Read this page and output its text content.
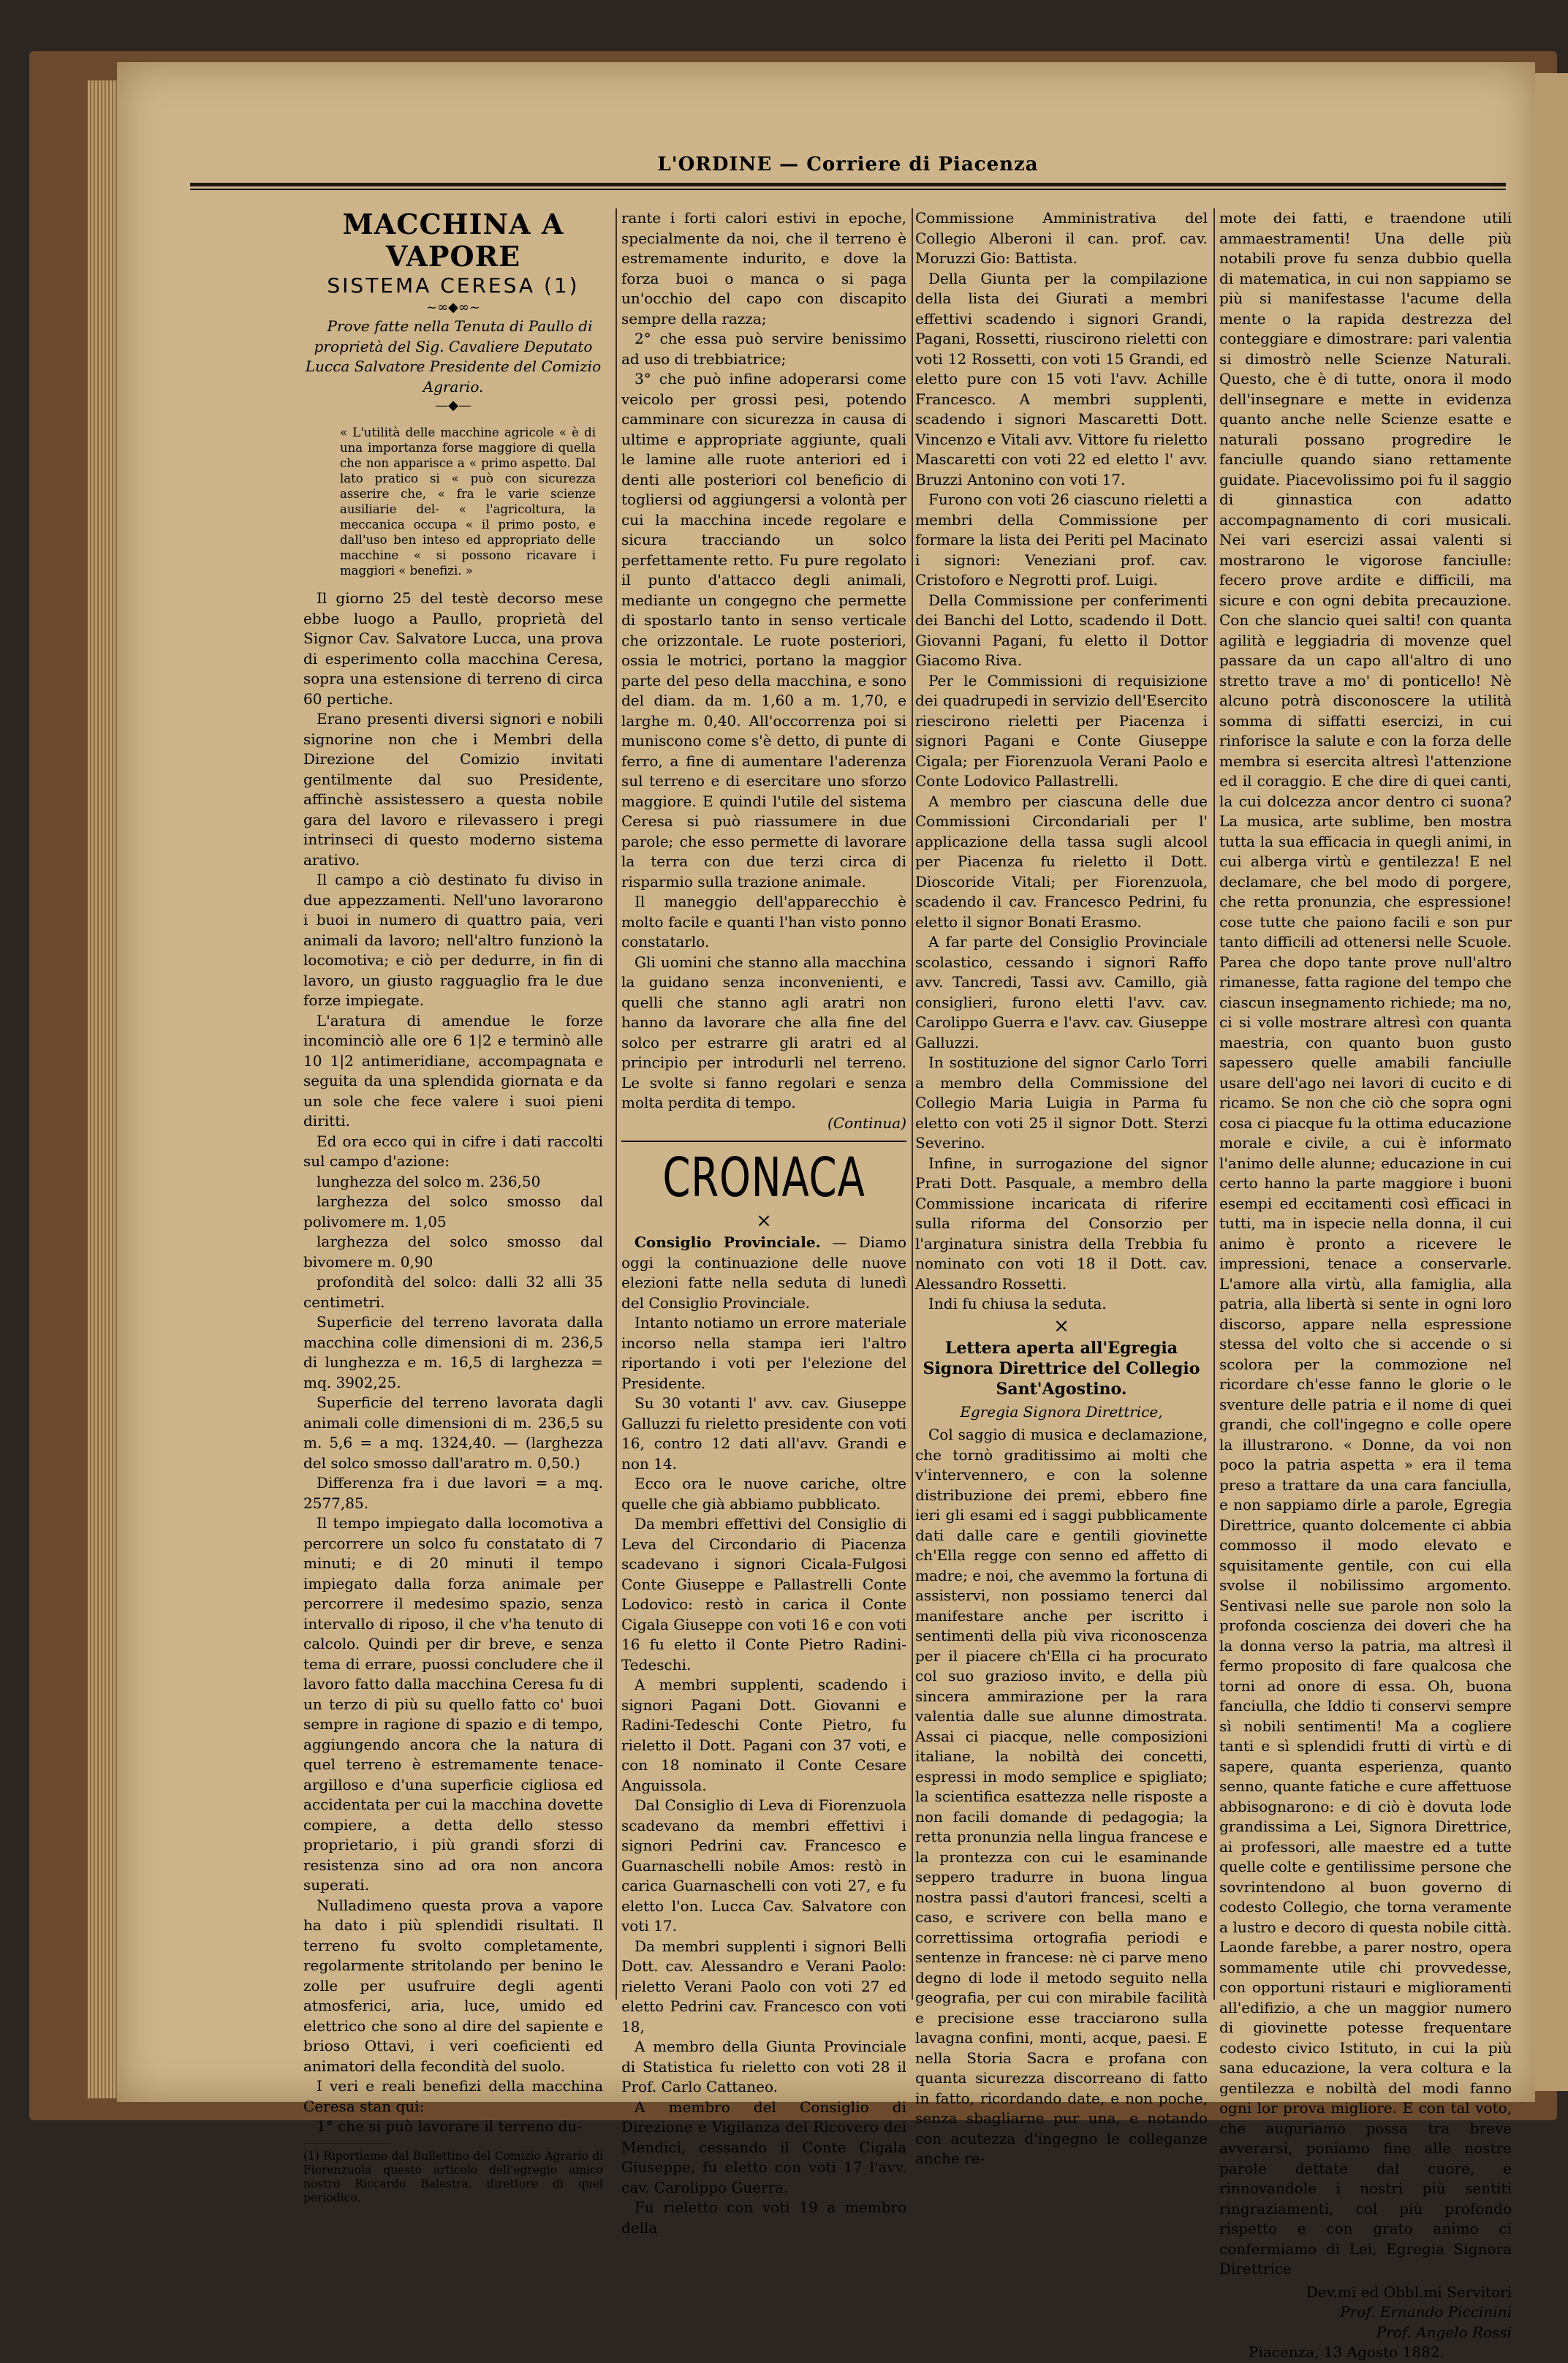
L'ORDINE — Corriere di Piacenza
MACCHINA A VAPORE
SISTEMA CERESA (1)
~∞◆∞~

Prove fatte nella Tenuta di Paullo di proprietà del Sig. Cavaliere Deputato Lucca Salvatore Presidente del Comizio Agrario.

—◆—
« L'utilità delle macchine agricole « è di una importanza forse maggiore di quella che non apparisce a « primo aspetto. Dal lato pratico si « può con sicurezza asserire che, « fra le varie scienze ausiliarie del- « l'agricoltura, la meccanica occupa « il primo posto, e dall'uso ben inteso ed appropriato delle macchine « si possono ricavare i maggiori « benefizi. »

Il giorno 25 del testè decorso mese ebbe luogo a Paullo, proprietà del Signor Cav. Salvatore Lucca, una prova di esperimento colla macchina Ceresa, sopra una estensione di terreno di circa 60 pertiche.

Erano presenti diversi signori e nobili signorine non che i Membri della Direzione del Comizio invitati gentilmente dal suo Presidente, affinchè assistessero a questa nobile gara del lavoro e rilevassero i pregi intrinseci di questo moderno sistema arativo.

Il campo a ciò destinato fu diviso in due appezzamenti. Nell'uno lavorarono i buoi in numero di quattro paia, veri animali da lavoro; nell'altro funzionò la locomotiva; e ciò per dedurre, in fin di lavoro, un giusto ragguaglio fra le due forze impiegate.

L'aratura di amendue le forze incominciò alle ore 6 1|2 e terminò alle 10 1|2 antimeridiane, accompagnata e seguita da una splendida giornata e da un sole che fece valere i suoi pieni diritti.

Ed ora ecco qui in cifre i dati raccolti sul campo d'azione:

lunghezza del solco m. 236,50

larghezza del solco smosso dal polivomere m. 1,05

larghezza del solco smosso dal bivomere m. 0,90

profondità del solco: dalli 32 alli 35 centimetri.

Superficie del terreno lavorata dalla macchina colle dimensioni di m. 236,5 di lunghezza e m. 16,5 di larghezza = mq. 3902,25.

Superficie del terreno lavorata dagli animali colle dimensioni di m. 236,5 su m. 5,6 = a mq. 1324,40. — (larghezza del solco smosso dall'aratro m. 0,50.)

Differenza fra i due lavori = a mq. 2577,85.

Il tempo impiegato dalla locomotiva a percorrere un solco fu constatato di 7 minuti; e di 20 minuti il tempo impiegato dalla forza animale per percorrere il medesimo spazio, senza intervallo di riposo, il che v'ha tenuto di calcolo. Quindi per dir breve, e senza tema di errare, puossi concludere che il lavoro fatto dalla macchina Ceresa fu di un terzo di più su quello fatto co' buoi sempre in ragione di spazio e di tempo, aggiungendo ancora che la natura di quel terreno è estremamente tenace-argilloso e d'una superficie cigliosa ed accidentata per cui la macchina dovette compiere, a detta dello stesso proprietario, i più grandi sforzi di resistenza sino ad ora non ancora superati.

Nulladimeno questa prova a vapore ha dato i più splendidi risultati. Il terreno fu svolto completamente, regolarmente stritolando per benino le zolle per usufruire degli agenti atmosferici, aria, luce, umido ed elettrico che sono al dire del sapiente e brioso Ottavi, i veri coeficienti ed animatori della fecondità del suolo.

I veri e reali benefizi della macchina Ceresa stan qui:

1° che si può lavorare il terreno du-

(1) Riportiamo dal Bullettino del Comizio Agrario di Fiorenzuola questo articolo dell'egregio amico nostro Riccardo Balestra, direttore di quel periodico.

rante i forti calori estivi in epoche, specialmente da noi, che il terreno è estremamente indurito, e dove la forza buoi o manca o si paga un'occhio del capo con discapito sempre della razza;

2° che essa può servire benissimo ad uso di trebbiatrice;

3° che può infine adoperarsi come veicolo per grossi pesi, potendo camminare con sicurezza in causa di ultime e appropriate aggiunte, quali le lamine alle ruote anteriori ed i denti alle posteriori col beneficio di togliersi od aggiungersi a volontà per cui la macchina incede regolare e sicura tracciando un solco perfettamente retto. Fu pure regolato il punto d'attacco degli animali, mediante un congegno che permette di spostarlo tanto in senso verticale che orizzontale. Le ruote posteriori, ossia le motrici, portano la maggior parte del peso della macchina, e sono del diam. da m. 1,60 a m. 1,70, e larghe m. 0,40. All'occorrenza poi si muniscono come s'è detto, di punte di ferro, a fine di aumentare l'aderenza sul terreno e di esercitare uno sforzo maggiore. E quindi l'utile del sistema Ceresa si può riassumere in due parole; che esso permette di lavorare la terra con due terzi circa di risparmio sulla trazione animale.

Il maneggio dell'apparecchio è molto facile e quanti l'han visto ponno constatarlo.

Gli uomini che stanno alla macchina la guidano senza inconvenienti, e quelli che stanno agli aratri non hanno da lavorare che alla fine del solco per estrarre gli aratri ed al principio per introdurli nel terreno. Le svolte si fanno regolari e senza molta perdita di tempo.

(Continua)
CRONACA
×

Consiglio Provinciale. — Diamo oggi la continuazione delle nuove elezioni fatte nella seduta di lunedì del Consiglio Provinciale.

Intanto notiamo un errore materiale incorso nella stampa ieri l'altro riportando i voti per l'elezione del Presidente.

Su 30 votanti l' avv. cav. Giuseppe Galluzzi fu rieletto presidente con voti 16, contro 12 dati all'avv. Grandi e non 14.

Ecco ora le nuove cariche, oltre quelle che già abbiamo pubblicato.

Da membri effettivi del Consiglio di Leva del Circondario di Piacenza scadevano i signori Cicala-Fulgosi Conte Giuseppe e Pallastrelli Conte Lodovico: restò in carica il Conte Cigala Giuseppe con voti 16 e con voti 16 fu eletto il Conte Pietro Radini-Tedeschi.

A membri supplenti, scadendo i signori Pagani Dott. Giovanni e Radini-Tedeschi Conte Pietro, fu rieletto il Dott. Pagani con 37 voti, e con 18 nominato il Conte Cesare Anguissola.

Dal Consiglio di Leva di Fiorenzuola scadevano da membri effettivi i signori Pedrini cav. Francesco e Guarnaschelli nobile Amos: restò in carica Guarnaschelli con voti 27, e fu eletto l'on. Lucca Cav. Salvatore con voti 17.

Da membri supplenti i signori Belli Dott. cav. Alessandro e Verani Paolo: rieletto Verani Paolo con voti 27 ed eletto Pedrini cav. Francesco con voti 18,

A membro della Giunta Provinciale di Statistica fu rieletto con voti 28 il Prof. Carlo Cattaneo.

A membro del Consiglio di Direzione e Vigilanza del Ricovero dei Mendici, cessando il Conte Cigala Giuseppe, fu eletto con voti 17 l'avv. cav. Carolippo Guerra.

Fu rieletto con voti 19 a membro della

Commissione Amministrativa del Collegio Alberoni il can. prof. cav. Moruzzi Gio: Battista.

Della Giunta per la compilazione della lista dei Giurati a membri effettivi scadendo i signori Grandi, Pagani, Rossetti, riuscirono rieletti con voti 12 Rossetti, con voti 15 Grandi, ed eletto pure con 15 voti l'avv. Achille Francesco. A membri supplenti, scadendo i signori Mascaretti Dott. Vincenzo e Vitali avv. Vittore fu rieletto Mascaretti con voti 22 ed eletto l' avv. Bruzzi Antonino con voti 17.

Furono con voti 26 ciascuno rieletti a membri della Commissione per formare la lista dei Periti pel Macinato i signori: Veneziani prof. cav. Cristoforo e Negrotti prof. Luigi.

Della Commissione per conferimenti dei Banchi del Lotto, scadendo il Dott. Giovanni Pagani, fu eletto il Dottor Giacomo Riva.

Per le Commissioni di requisizione dei quadrupedi in servizio dell'Esercito riescirono rieletti per Piacenza i signori Pagani e Conte Giuseppe Cigala; per Fiorenzuola Verani Paolo e Conte Lodovico Pallastrelli.

A membro per ciascuna delle due Commissioni Circondariali per l' applicazione della tassa sugli alcool per Piacenza fu rieletto il Dott. Dioscoride Vitali; per Fiorenzuola, scadendo il cav. Francesco Pedrini, fu eletto il signor Bonati Erasmo.

A far parte del Consiglio Provinciale scolastico, cessando i signori Raffo avv. Tancredi, Tassi avv. Camillo, già consiglieri, furono eletti l'avv. cav. Carolippo Guerra e l'avv. cav. Giuseppe Galluzzi.

In sostituzione del signor Carlo Torri a membro della Commissione del Collegio Maria Luigia in Parma fu eletto con voti 25 il signor Dott. Sterzi Severino.

Infine, in surrogazione del signor Prati Dott. Pasquale, a membro della Commissione incaricata di riferire sulla riforma del Consorzio per l'arginatura sinistra della Trebbia fu nominato con voti 18 il Dott. cav. Alessandro Rossetti.

Indi fu chiusa la seduta.

×
Lettera aperta all'Egregia Signora Direttrice del Collegio Sant'Agostino.
Egregia Signora Direttrice,

Col saggio di musica e declamazione, che tornò graditissimo ai molti che v'intervennero, e con la solenne distribuzione dei premi, ebbero fine ieri gli esami ed i saggi pubblicamente dati dalle care e gentili giovinette ch'Ella regge con senno ed affetto di madre; e noi, che avemmo la fortuna di assistervi, non possiamo tenerci dal manifestare anche per iscritto i sentimenti della più viva riconoscenza per il piacere ch'Ella ci ha procurato col suo grazioso invito, e della più sincera ammirazione per la rara valentia dalle sue alunne dimostrata. Assai ci piacque, nelle composizioni italiane, la nobiltà dei concetti, espressi in modo semplice e spigliato; la scientifica esattezza nelle risposte a non facili domande di pedagogia; la retta pronunzia nella lingua francese e la prontezza con cui le esaminande seppero tradurre in buona lingua nostra passi d'autori francesi, scelti a caso, e scrivere con bella mano e correttissima ortografia periodi e sentenze in francese: nè ci parve meno degno di lode il metodo seguito nella geografia, per cui con mirabile facilità e precisione esse tracciarono sulla lavagna confini, monti, acque, paesi. E nella Storia Sacra e profana con quanta sicurezza discorreano di fatto in fatto, ricordando date, e non poche, senza sbagliarne pur una, e notando con acutezza d'ingegno le colleganze anche re-

mote dei fatti, e traendone utili ammaestramenti! Una delle più notabili prove fu senza dubbio quella di matematica, in cui non sappiamo se più si manifestasse l'acume della mente o la rapida destrezza del conteggiare e dimostrare: pari valentia si dimostrò nelle Scienze Naturali. Questo, che è di tutte, onora il modo dell'insegnare e mette in evidenza quanto anche nelle Scienze esatte e naturali possano progredire le fanciulle quando siano rettamente guidate. Piacevolissimo poi fu il saggio di ginnastica con adatto accompagnamento di cori musicali. Nei vari esercizi assai valenti si mostrarono le vigorose fanciulle: fecero prove ardite e difficili, ma sicure e con ogni debita precauzione. Con che slancio quei salti! con quanta agilità e leggiadria di movenze quel passare da un capo all'altro di uno stretto trave a mo' di ponticello! Nè alcuno potrà disconoscere la utilità somma di siffatti esercizi, in cui rinforisce la salute e con la forza delle membra si esercita altresì l'attenzione ed il coraggio. E che dire di quei canti, la cui dolcezza ancor dentro ci suona? La musica, arte sublime, ben mostra tutta la sua efficacia in quegli animi, in cui alberga virtù e gentilezza! E nel declamare, che bel modo di porgere, che retta pronunzia, che espressione! cose tutte che paiono facili e son pur tanto difficili ad ottenersi nelle Scuole. Parea che dopo tante prove null'altro rimanesse, fatta ragione del tempo che ciascun insegnamento richiede; ma no, ci si volle mostrare altresì con quanta maestria, con quanto buon gusto sapessero quelle amabili fanciulle usare dell'ago nei lavori di cucito e di ricamo. Se non che ciò che sopra ogni cosa ci piacque fu la ottima educazione morale e civile, a cui è informato l'animo delle alunne; educazione in cui certo hanno la parte maggiore i buoni esempi ed eccitamenti così efficaci in tutti, ma in ispecie nella donna, il cui animo è pronto a ricevere le impressioni, tenace a conservarle. L'amore alla virtù, alla famiglia, alla patria, alla libertà si sente in ogni loro discorso, appare nella espressione stessa del volto che si accende o si scolora per la commozione nel ricordare ch'esse fanno le glorie o le sventure delle patria e il nome di quei grandi, che coll'ingegno e colle opere la illustrarono. « Donne, da voi non poco la patria aspetta » era il tema preso a trattare da una cara fanciulla, e non sappiamo dirle a parole, Egregia Direttrice, quanto dolcemente ci abbia commosso il modo elevato e squisitamente gentile, con cui ella svolse il nobilissimo argomento. Sentivasi nelle sue parole non solo la profonda coscienza dei doveri che ha la donna verso la patria, ma altresì il fermo proposito di fare qualcosa che torni ad onore di essa. Oh, buona fanciulla, che Iddio ti conservi sempre sì nobili sentimenti! Ma a cogliere tanti e sì splendidi frutti di virtù e di sapere, quanta esperienza, quanto senno, quante fatiche e cure affettuose abbisognarono: e di ciò è dovuta lode grandissima a Lei, Signora Direttrice, ai professori, alle maestre ed a tutte quelle colte e gentilissime persone che sovrintendono al buon governo di codesto Collegio, che torna veramente a lustro e decoro di questa nobile città. Laonde farebbe, a parer nostro, opera sommamente utile chi provvedesse, con opportuni ristauri e miglioramenti all'edifizio, a che un maggior numero di giovinette potesse frequentare codesto civico Istituto, in cui la più sana educazione, la vera coltura e la gentilezza e nobiltà del modi fanno ogni lor prova migliore. E con tal voto, che auguriamo possa tra breve avverarsi, poniamo fine alle nostre parole dettate dal cuore, e rinnovandole i nostri più sentiti ringraziamenti, col più profondo rispetto e con grato animo ci confermiamo di Lei, Egregia Signora Direttrice

Dev.mi ed Obbl.mi Servitori
Prof. Ernando Piccinini
Prof. Angelo Rossi
Piacenza, 13 Agosto 1882.
